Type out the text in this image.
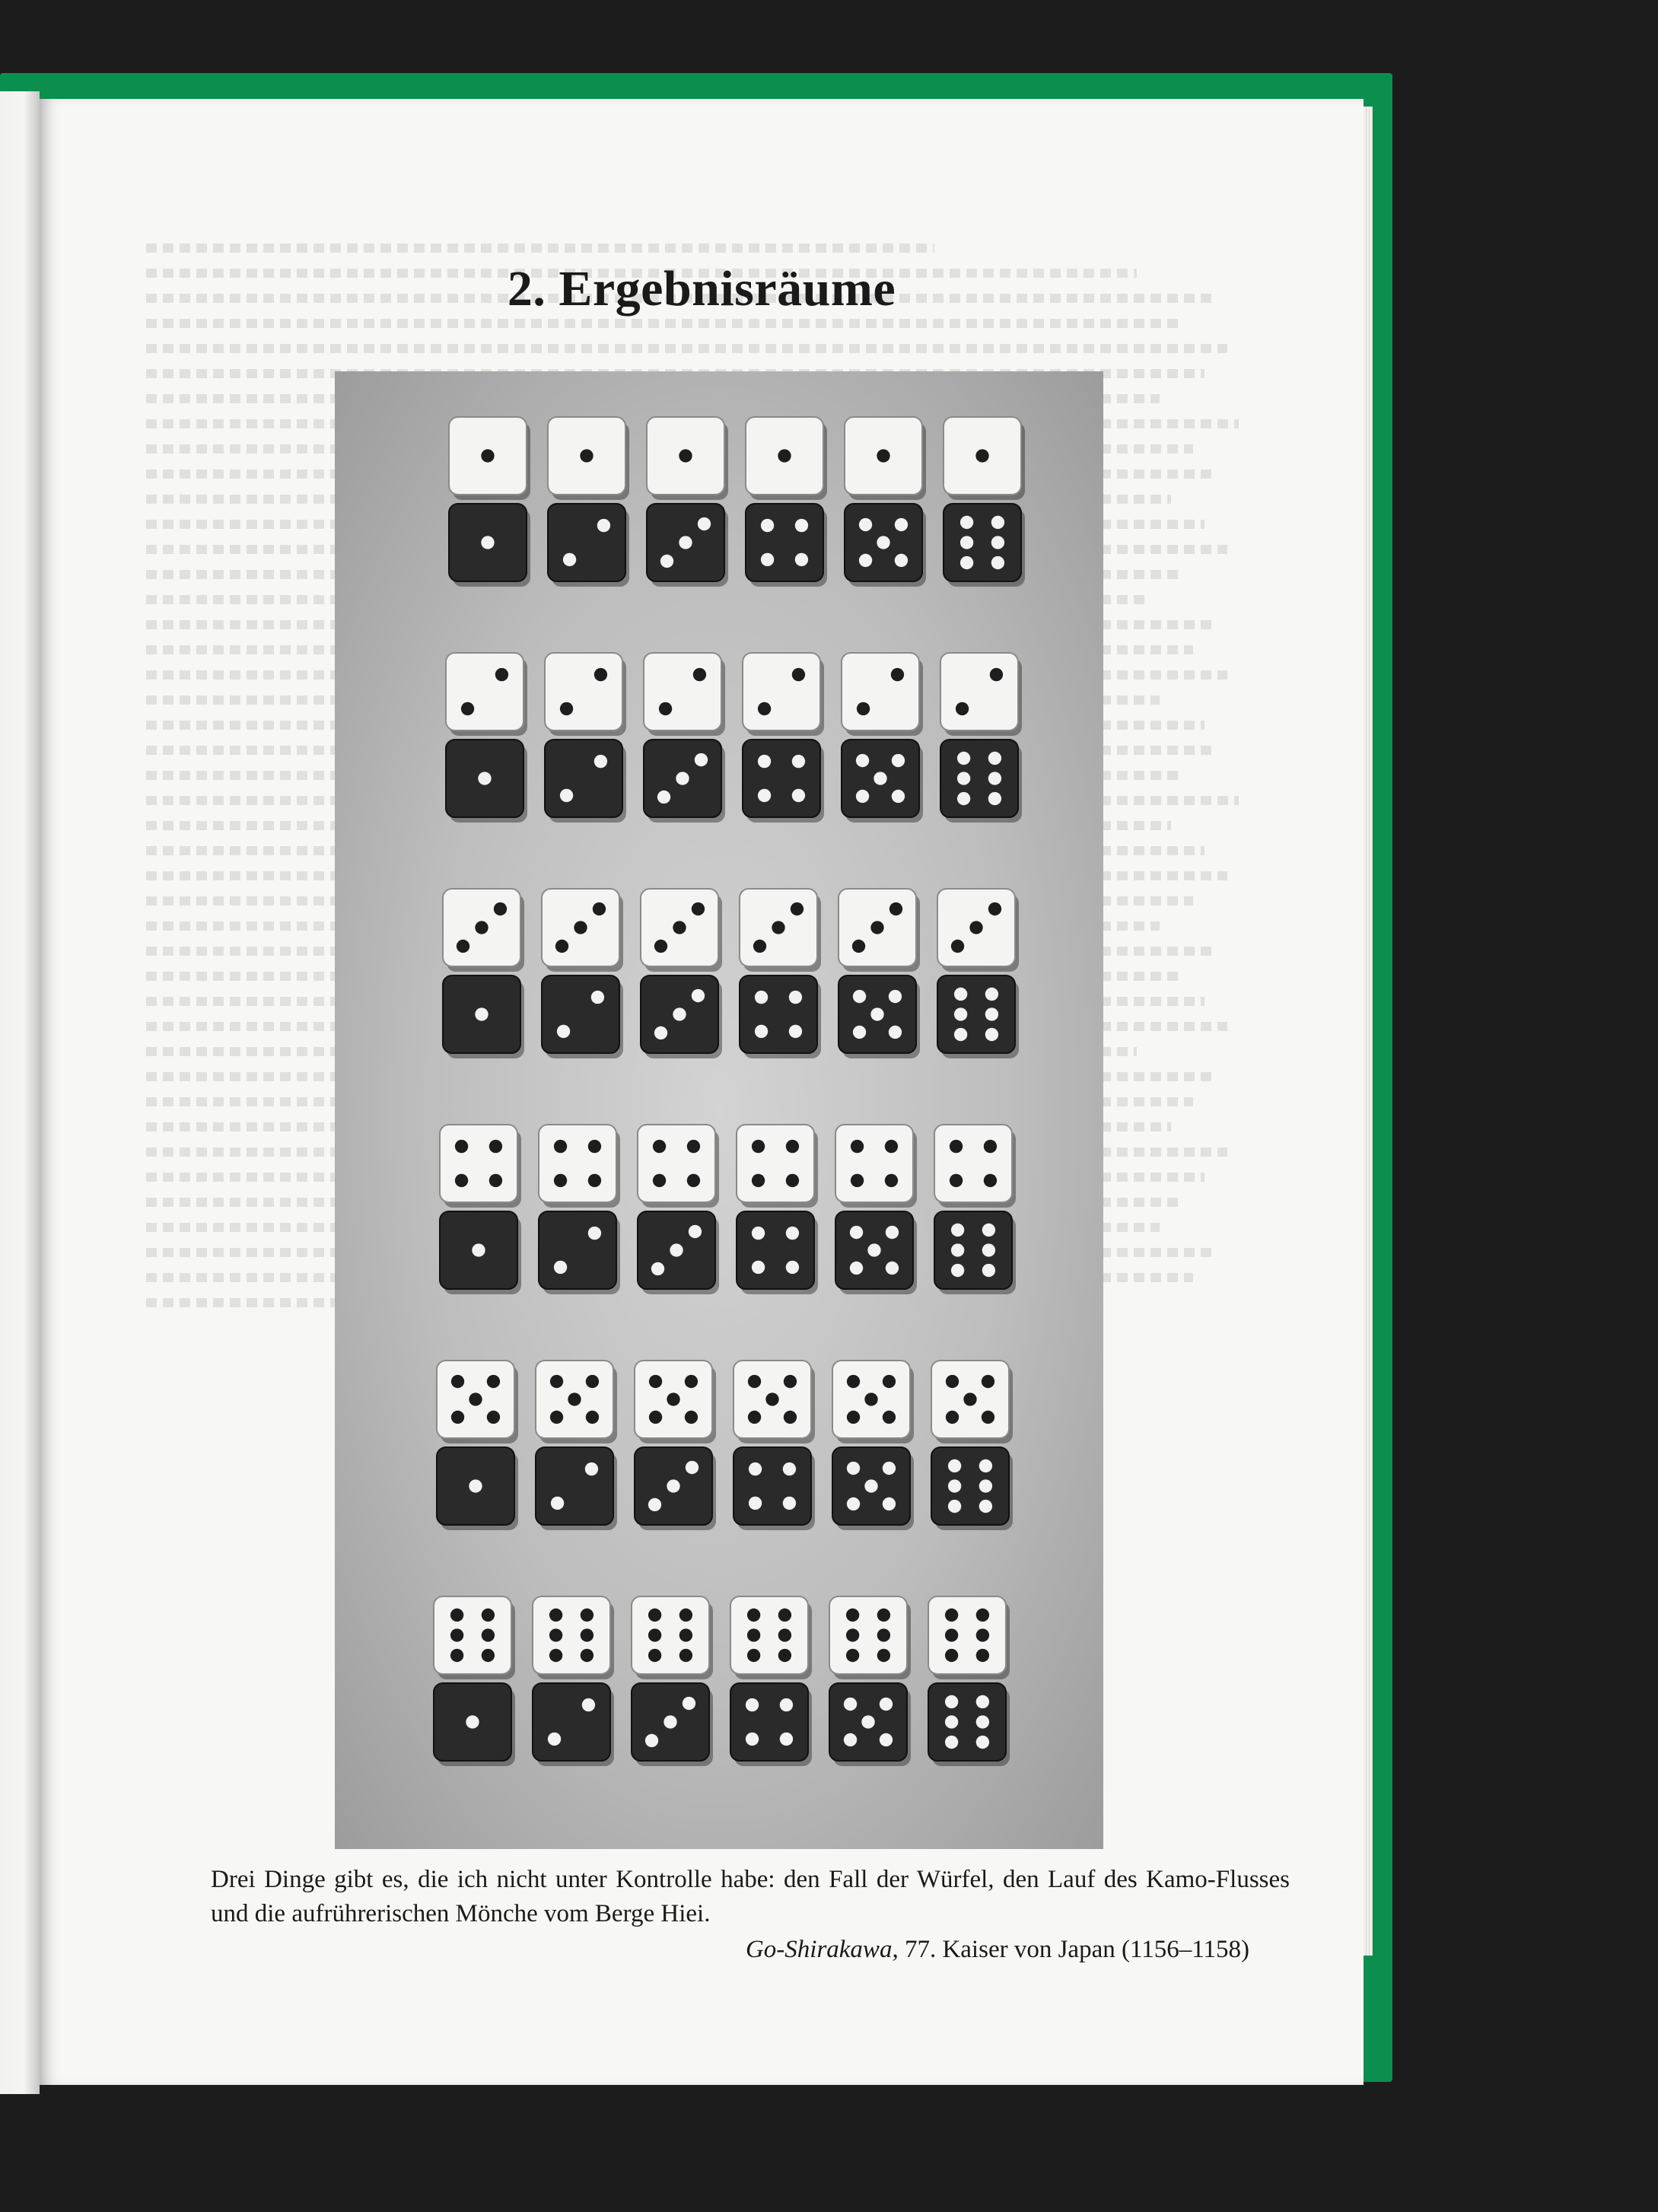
2. Ergebnisräume
Drei Dinge gibt es, die ich nicht unter Kontrolle habe: den Fall der Würfel, den Lauf des Kamo-Flusses und die aufrührerischen Mönche vom Berge Hiei.
Go-Shirakawa, 77. Kaiser von Japan (1156–1158)
